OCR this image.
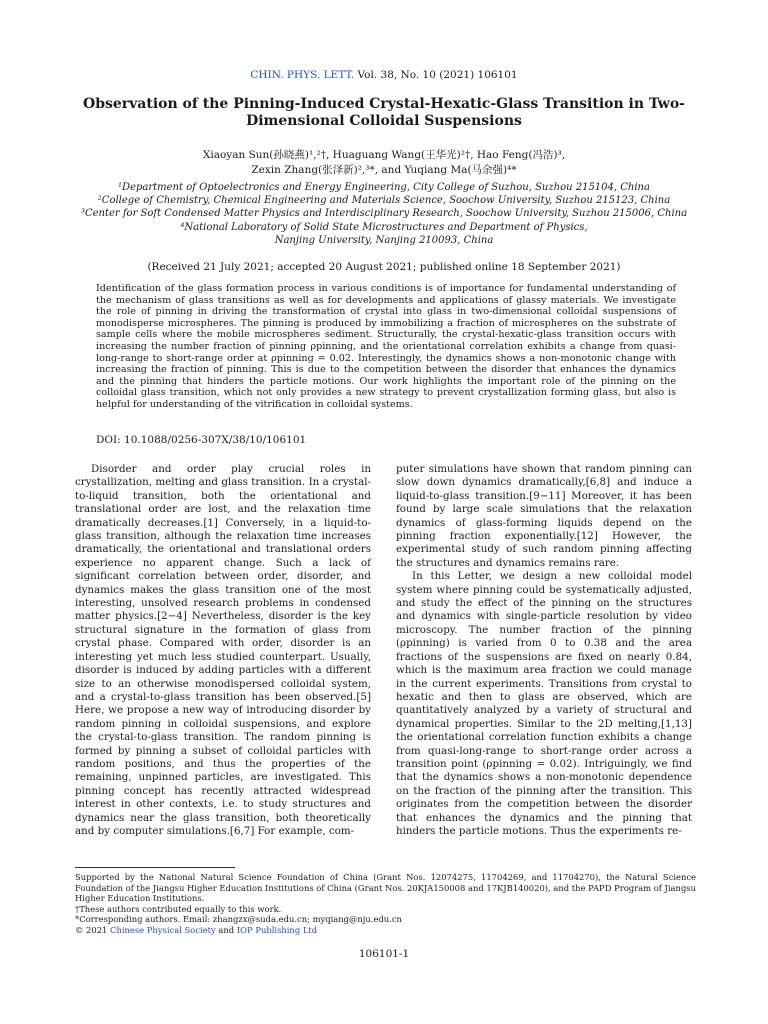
CHIN. PHYS. LETT. Vol. 38, No. 10 (2021) 106101
Observation of the Pinning-Induced Crystal-Hexatic-Glass Transition in Two-Dimensional Colloidal Suspensions
Xiaoyan Sun(孙晓燕)¹,²†, Huaguang Wang(王华光)²†, Hao Feng(冯浩)³,
Zexin Zhang(张泽新)²,³*, and Yuqiang Ma(马余强)⁴*
¹Department of Optoelectronics and Energy Engineering, City College of Suzhou, Suzhou 215104, China
²College of Chemistry, Chemical Engineering and Materials Science, Soochow University, Suzhou 215123, China
³Center for Soft Condensed Matter Physics and Interdisciplinary Research, Soochow University, Suzhou 215006, China
⁴National Laboratory of Solid State Microstructures and Department of Physics,
Nanjing University, Nanjing 210093, China
(Received 21 July 2021; accepted 20 August 2021; published online 18 September 2021)
Identification of the glass formation process in various conditions is of importance for fundamental understanding of the mechanism of glass transitions as well as for developments and applications of glassy materials. We investigate the role of pinning in driving the transformation of crystal into glass in two-dimensional colloidal suspensions of monodisperse microspheres. The pinning is produced by immobilizing a fraction of microspheres on the substrate of sample cells where the mobile microspheres sediment. Structurally, the crystal-hexatic-glass transition occurs with increasing the number fraction of pinning ρpinning, and the orientational correlation exhibits a change from quasi-long-range to short-range order at ρpinning = 0.02. Interestingly, the dynamics shows a non-monotonic change with increasing the fraction of pinning. This is due to the competition between the disorder that enhances the dynamics and the pinning that hinders the particle motions. Our work highlights the important role of the pinning on the colloidal glass transition, which not only provides a new strategy to prevent crystallization forming glass, but also is helpful for understanding of the vitrification in colloidal systems.
DOI: 10.1088/0256-307X/38/10/106101

Disorder and order play crucial roles in crystallization, melting and glass transition. In a crystal-to-liquid transition, both the orientational and translational order are lost, and the relaxation time dramatically decreases.[1] Conversely, in a liquid-to-glass transition, although the relaxation time increases dramatically, the orientational and translational orders experience no apparent change. Such a lack of significant correlation between order, disorder, and dynamics makes the glass transition one of the most interesting, unsolved research problems in condensed matter physics.[2−4] Nevertheless, disorder is the key structural signature in the formation of glass from crystal phase. Compared with order, disorder is an interesting yet much less studied counterpart. Usually, disorder is induced by adding particles with a different size to an otherwise monodispersed colloidal system, and a crystal-to-glass transition has been observed.[5] Here, we propose a new way of introducing disorder by random pinning in colloidal suspensions, and explore the crystal-to-glass transition. The random pinning is formed by pinning a subset of colloidal particles with random positions, and thus the properties of the remaining, unpinned particles, are investigated. This pinning concept has recently attracted widespread interest in other contexts, i.e. to study structures and dynamics near the glass transition, both theoretically and by computer simulations.[6,7] For example, com-

puter simulations have shown that random pinning can slow down dynamics dramatically,[6,8] and induce a liquid-to-glass transition.[9−11] Moreover, it has been found by large scale simulations that the relaxation dynamics of glass-forming liquids depend on the pinning fraction exponentially.[12] However, the experimental study of such random pinning affecting the structures and dynamics remains rare.

In this Letter, we design a new colloidal model system where pinning could be systematically adjusted, and study the effect of the pinning on the structures and dynamics with single-particle resolution by video microscopy. The number fraction of the pinning (ρpinning) is varied from 0 to 0.38 and the area fractions of the suspensions are fixed on nearly 0.84, which is the maximum area fraction we could manage in the current experiments. Transitions from crystal to hexatic and then to glass are observed, which are quantitatively analyzed by a variety of structural and dynamical properties. Similar to the 2D melting,[1,13] the orientational correlation function exhibits a change from quasi-long-range to short-range order across a transition point (ρpinning = 0.02). Intriguingly, we find that the dynamics shows a non-monotonic dependence on the fraction of the pinning after the transition. This originates from the competition between the disorder that enhances the dynamics and the pinning that hinders the particle motions. Thus the experiments re-

Supported by the National Natural Science Foundation of China (Grant Nos. 12074275, 11704269, and 11704270), the Natural Science Foundation of the Jiangsu Higher Education Institutions of China (Grant Nos. 20KJA150008 and 17KJB140020), and the PAPD Program of Jiangsu Higher Education Institutions.
†These authors contributed equally to this work.
*Corresponding authors. Email: zhangzx@suda.edu.cn; myqiang@nju.edu.cn
© 2021 Chinese Physical Society and IOP Publishing Ltd
106101-1
